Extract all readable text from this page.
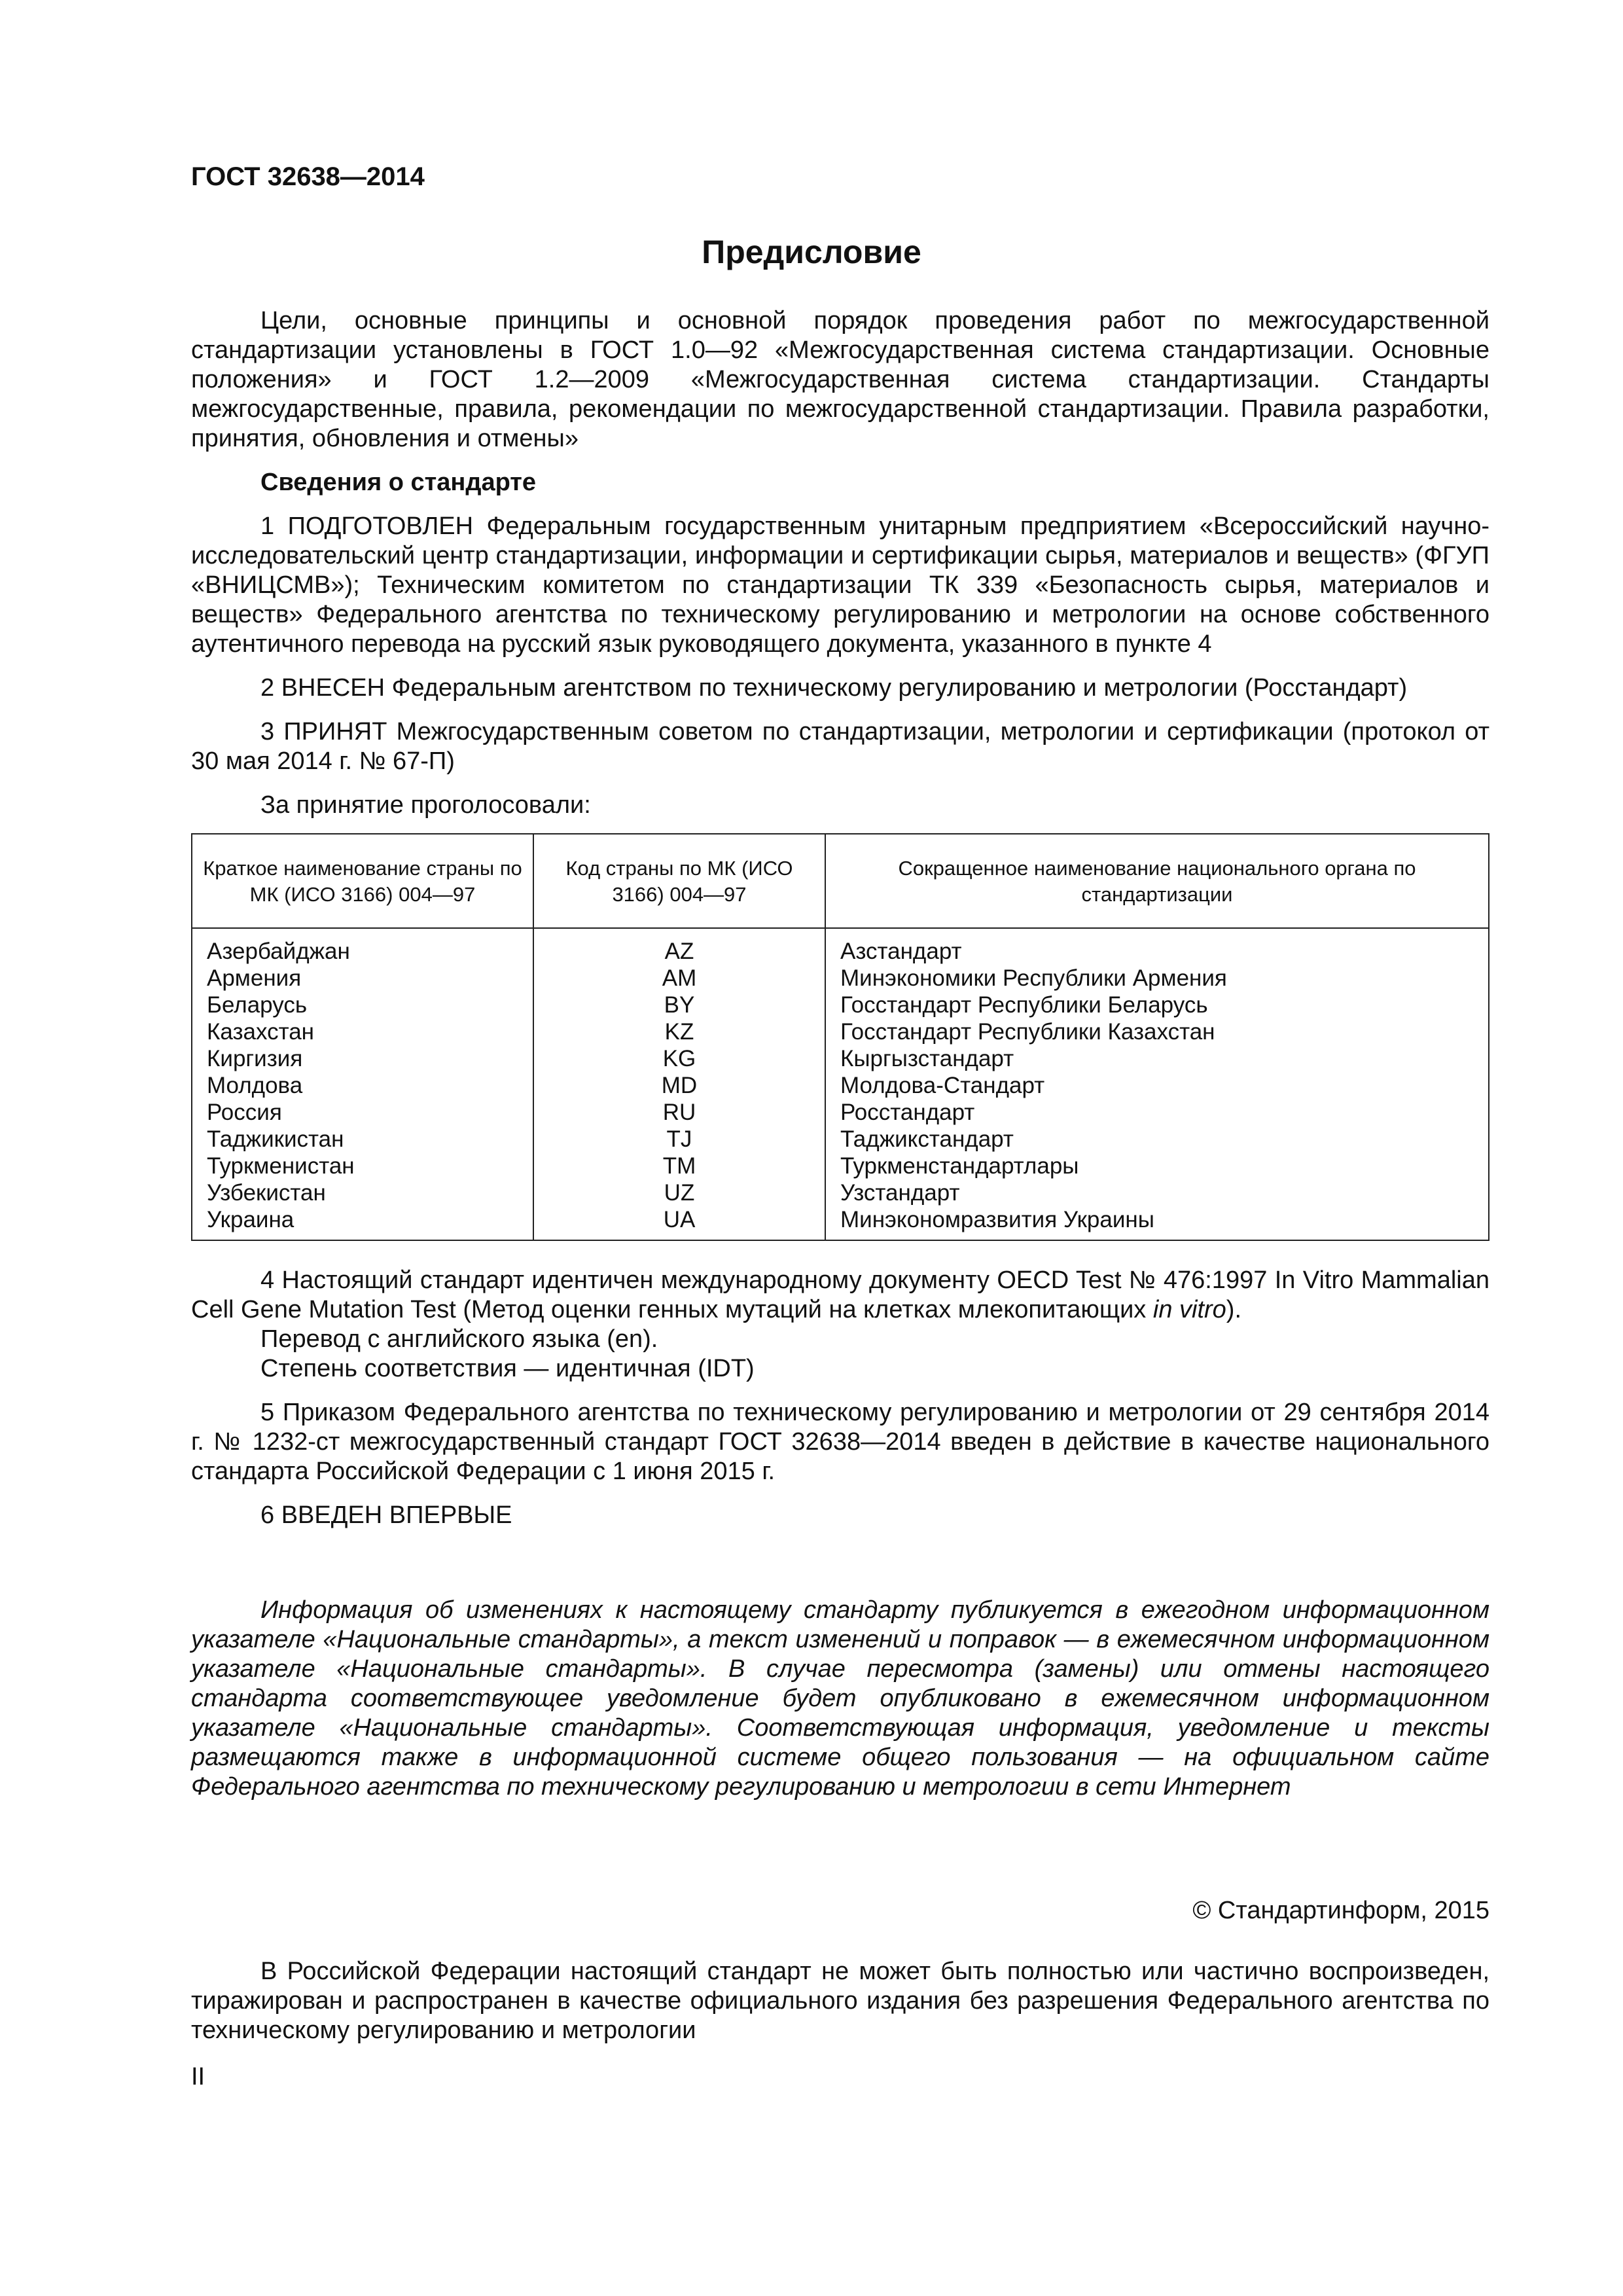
ГОСТ 32638—2014
Предисловие

Цели, основные принципы и основной порядок проведения работ по межгосударственной стандартизации установлены в ГОСТ 1.0—92 «Межгосударственная система стандартизации. Основные положения» и ГОСТ 1.2—2009 «Межгосударственная система стандартизации. Стандарты межгосударственные, правила, рекомендации по межгосударственной стандартизации. Правила разработки, принятия, обновления и отмены»

Сведения о стандарте

1 ПОДГОТОВЛЕН Федеральным государственным унитарным предприятием «Всероссийский научно-исследовательский центр стандартизации, информации и сертификации сырья, материалов и веществ» (ФГУП «ВНИЦСМВ»); Техническим комитетом по стандартизации ТК 339 «Безопасность сырья, материалов и веществ» Федерального агентства по техническому регулированию и метрологии на основе собственного аутентичного перевода на русский язык руководящего документа, указанного в пункте 4

2 ВНЕСЕН Федеральным агентством по техническому регулированию и метрологии (Росстандарт)

3 ПРИНЯТ Межгосударственным советом по стандартизации, метрологии и сертификации (протокол от 30 мая 2014 г. № 67-П)

За принятие проголосовали:

Краткое наименование страны по МК (ИСО 3166) 004—97	Код страны по МК (ИСО 3166) 004—97	Сокращенное наименование национального органа по стандартизации
Азербайджан	AZ	Азстандарт
Армения	AM	Минэкономики Республики Армения
Беларусь	BY	Госстандарт Республики Беларусь
Казахстан	KZ	Госстандарт Республики Казахстан
Киргизия	KG	Кыргызстандарт
Молдова	MD	Молдова-Стандарт
Россия	RU	Росстандарт
Таджикистан	TJ	Таджикстандарт
Туркменистан	TM	Туркменстандартлары
Узбекистан	UZ	Узстандарт
Украина	UA	Минэкономразвития Украины

4 Настоящий стандарт идентичен международному документу OECD Test № 476:1997 In Vitro Mammalian Cell Gene Mutation Test (Метод оценки генных мутаций на клетках млекопитающих in vitro).

Перевод с английского языка (en).

Степень соответствия — идентичная (IDT)

5 Приказом Федерального агентства по техническому регулированию и метрологии от 29 сентября 2014 г. № 1232-ст межгосударственный стандарт ГОСТ 32638—2014 введен в действие в качестве национального стандарта Российской Федерации с 1 июня 2015 г.

6 ВВЕДЕН ВПЕРВЫЕ

Информация об изменениях к настоящему стандарту публикуется в ежегодном информационном указателе «Национальные стандарты», а текст изменений и поправок — в ежемесячном информационном указателе «Национальные стандарты». В случае пересмотра (замены) или отмены настоящего стандарта соответствующее уведомление будет опубликовано в ежемесячном информационном указателе «Национальные стандарты». Соответствующая информация, уведомление и тексты размещаются также в информационной системе общего пользования — на официальном сайте Федерального агентства по техническому регулированию и метрологии в сети Интернет

© Стандартинформ, 2015

В Российской Федерации настоящий стандарт не может быть полностью или частично воспроизведен, тиражирован и распространен в качестве официального издания без разрешения Федерального агентства по техническому регулированию и метрологии

II
